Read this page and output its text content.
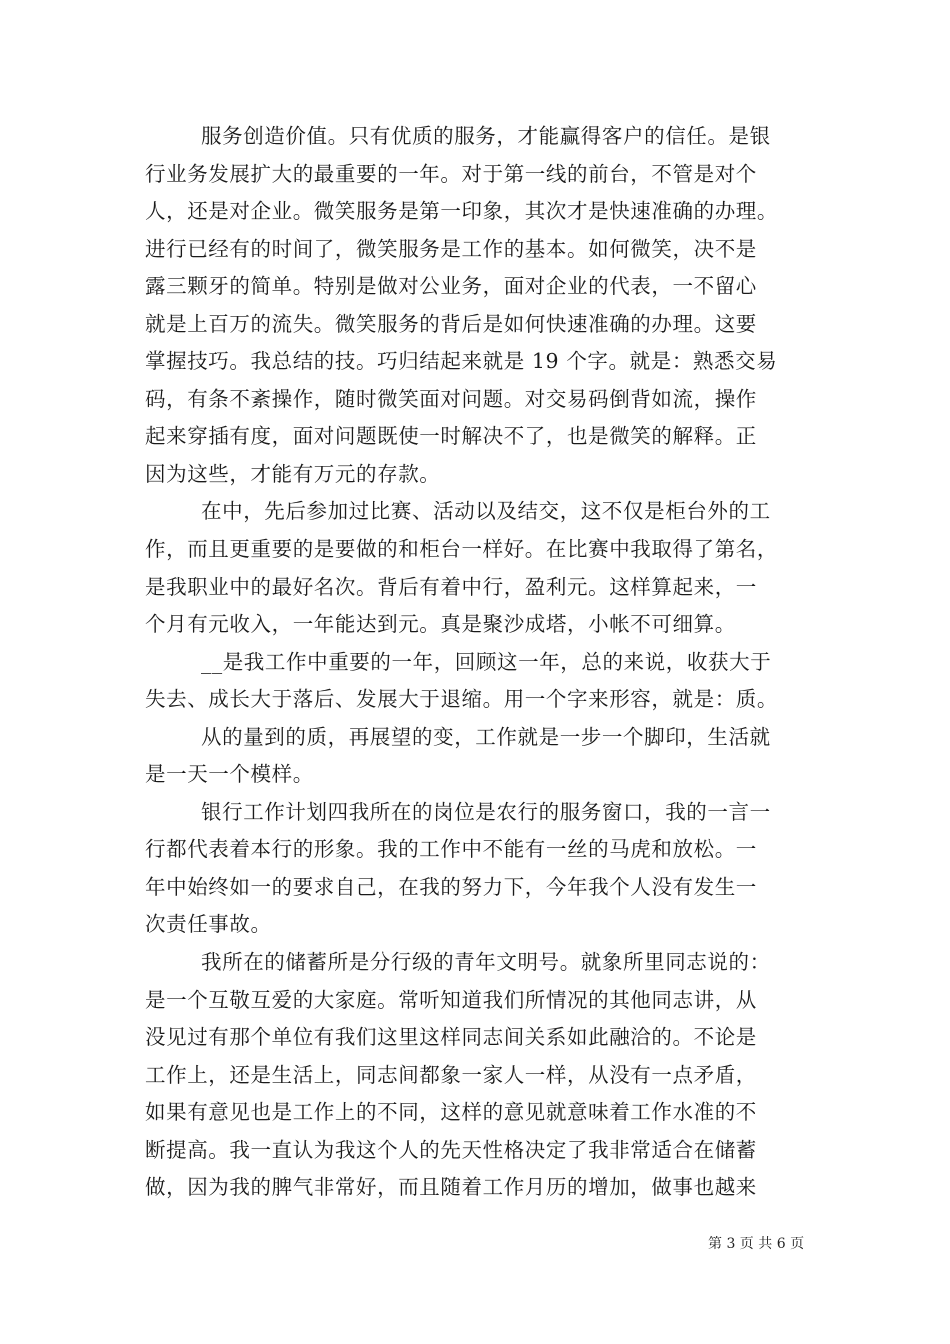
服务创造价值。只有优质的服务，才能赢得客户的信任。是银
行业务发展扩大的最重要的一年。对于第一线的前台，不管是对个
人，还是对企业。微笑服务是第一印象，其次才是快速准确的办理。
进行已经有的时间了，微笑服务是工作的基本。如何微笑，决不是
露三颗牙的简单。特别是做对公业务，面对企业的代表，一不留心
就是上百万的流失。微笑服务的背后是如何快速准确的办理。这要
掌握技巧。我总结的技。巧归结起来就是 19 个字。就是：熟悉交易
码，有条不紊操作，随时微笑面对问题。对交易码倒背如流，操作
起来穿插有度，面对问题既使一时解决不了，也是微笑的解释。正
因为这些，才能有万元的存款。
在中，先后参加过比赛、活动以及结交，这不仅是柜台外的工
作，而且更重要的是要做的和柜台一样好。在比赛中我取得了第名，
是我职业中的最好名次。背后有着中行，盈利元。这样算起来，一
个月有元收入，一年能达到元。真是聚沙成塔，小帐不可细算。
__是我工作中重要的一年，回顾这一年，总的来说，收获大于
失去、成长大于落后、发展大于退缩。用一个字来形容，就是：质。
从的量到的质，再展望的变，工作就是一步一个脚印，生活就
是一天一个模样。
银行工作计划四我所在的岗位是农行的服务窗口，我的一言一
行都代表着本行的形象。我的工作中不能有一丝的马虎和放松。一
年中始终如一的要求自己，在我的努力下，今年我个人没有发生一
次责任事故。
我所在的储蓄所是分行级的青年文明号。就象所里同志说的：
是一个互敬互爱的大家庭。常听知道我们所情况的其他同志讲，从
没见过有那个单位有我们这里这样同志间关系如此融洽的。不论是
工作上，还是生活上，同志间都象一家人一样，从没有一点矛盾，
如果有意见也是工作上的不同，这样的意见就意味着工作水准的不
断提高。我一直认为我这个人的先天性格决定了我非常适合在储蓄
做，因为我的脾气非常好，而且随着工作月历的增加，做事也越来
第 3 页 共 6 页
